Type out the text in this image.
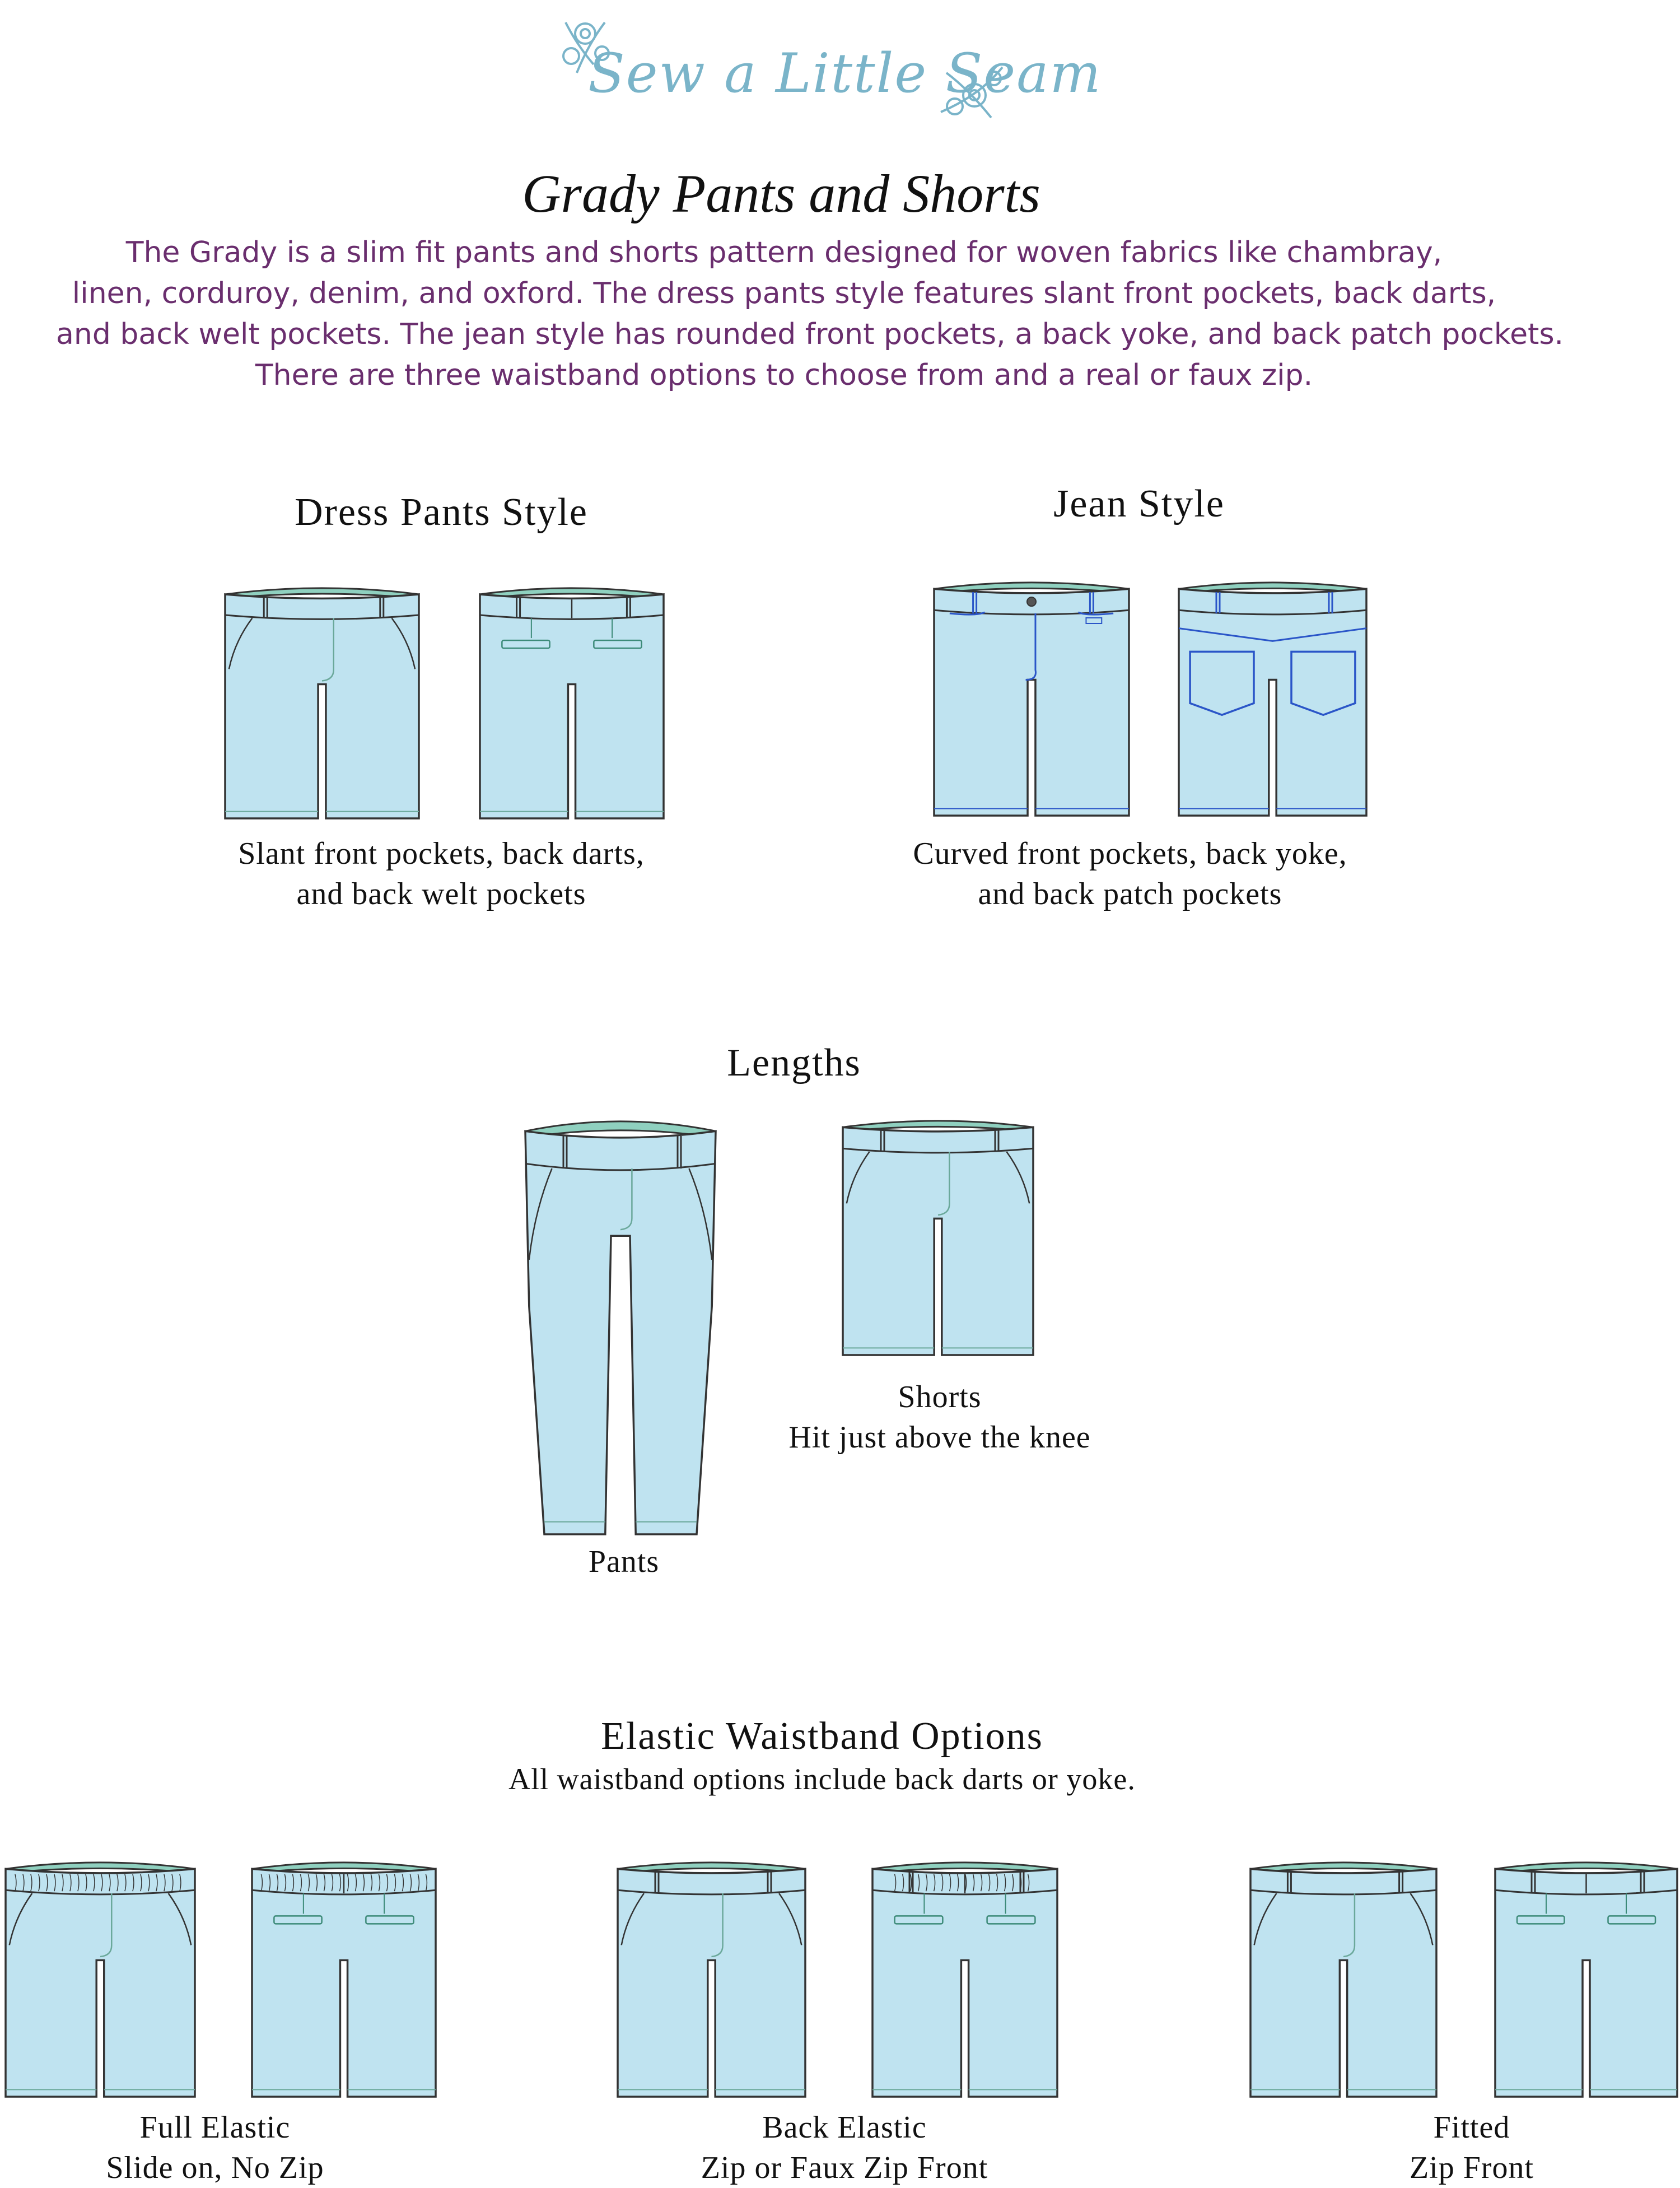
Sew a Little Seam
Grady Pants and Shorts
The Grady is a slim fit pants and shorts pattern designed for woven fabrics like chambray,
linen, corduroy, denim, and oxford. The dress pants style features slant front pockets, back darts,
and back welt pockets. The jean style has rounded front pockets, a back yoke, and back patch pockets.
There are three waistband options to choose from and a real or faux zip.
Dress Pants Style	Jean Style
Slant front pockets, back darts,
and back welt pockets
Curved front pockets, back yoke,
and back patch pockets
Lengths
Shorts
Hit just above the knee
Pants
Elastic Waistband Options
All waistband options include back darts or yoke.
Full Elastic
Slide on, No Zip
Back Elastic
Zip or Faux Zip Front
Fitted
Zip Front
